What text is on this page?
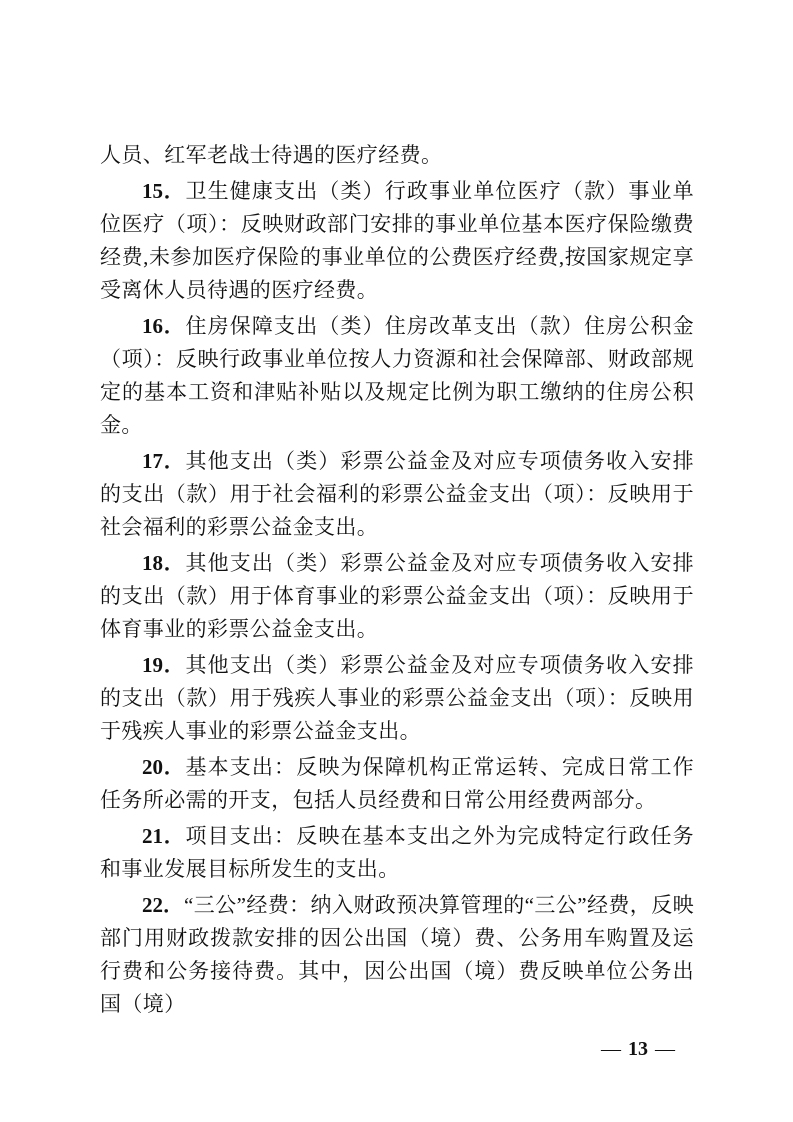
人员、红军老战士待遇的医疗经费。

15．卫生健康支出（类）行政事业单位医疗（款）事业单位医疗（项）：反映财政部门安排的事业单位基本医疗保险缴费经费,未参加医疗保险的事业单位的公费医疗经费,按国家规定享受离休人员待遇的医疗经费。

16．住房保障支出（类）住房改革支出（款）住房公积金（项）：反映行政事业单位按人力资源和社会保障部、财政部规定的基本工资和津贴补贴以及规定比例为职工缴纳的住房公积金。

17．其他支出（类）彩票公益金及对应专项债务收入安排的支出（款）用于社会福利的彩票公益金支出（项）：反映用于社会福利的彩票公益金支出。

18．其他支出（类）彩票公益金及对应专项债务收入安排的支出（款）用于体育事业的彩票公益金支出（项）：反映用于体育事业的彩票公益金支出。

19．其他支出（类）彩票公益金及对应专项债务收入安排的支出（款）用于残疾人事业的彩票公益金支出（项）：反映用于残疾人事业的彩票公益金支出。

20．基本支出：反映为保障机构正常运转、完成日常工作任务所必需的开支，包括人员经费和日常公用经费两部分。

21．项目支出：反映在基本支出之外为完成特定行政任务和事业发展目标所发生的支出。

22．“三公”经费：纳入财政预决算管理的“三公”经费，反映部门用财政拨款安排的因公出国（境）费、公务用车购置及运行费和公务接待费。其中，因公出国（境）费反映单位公务出国（境）

— 13 —
